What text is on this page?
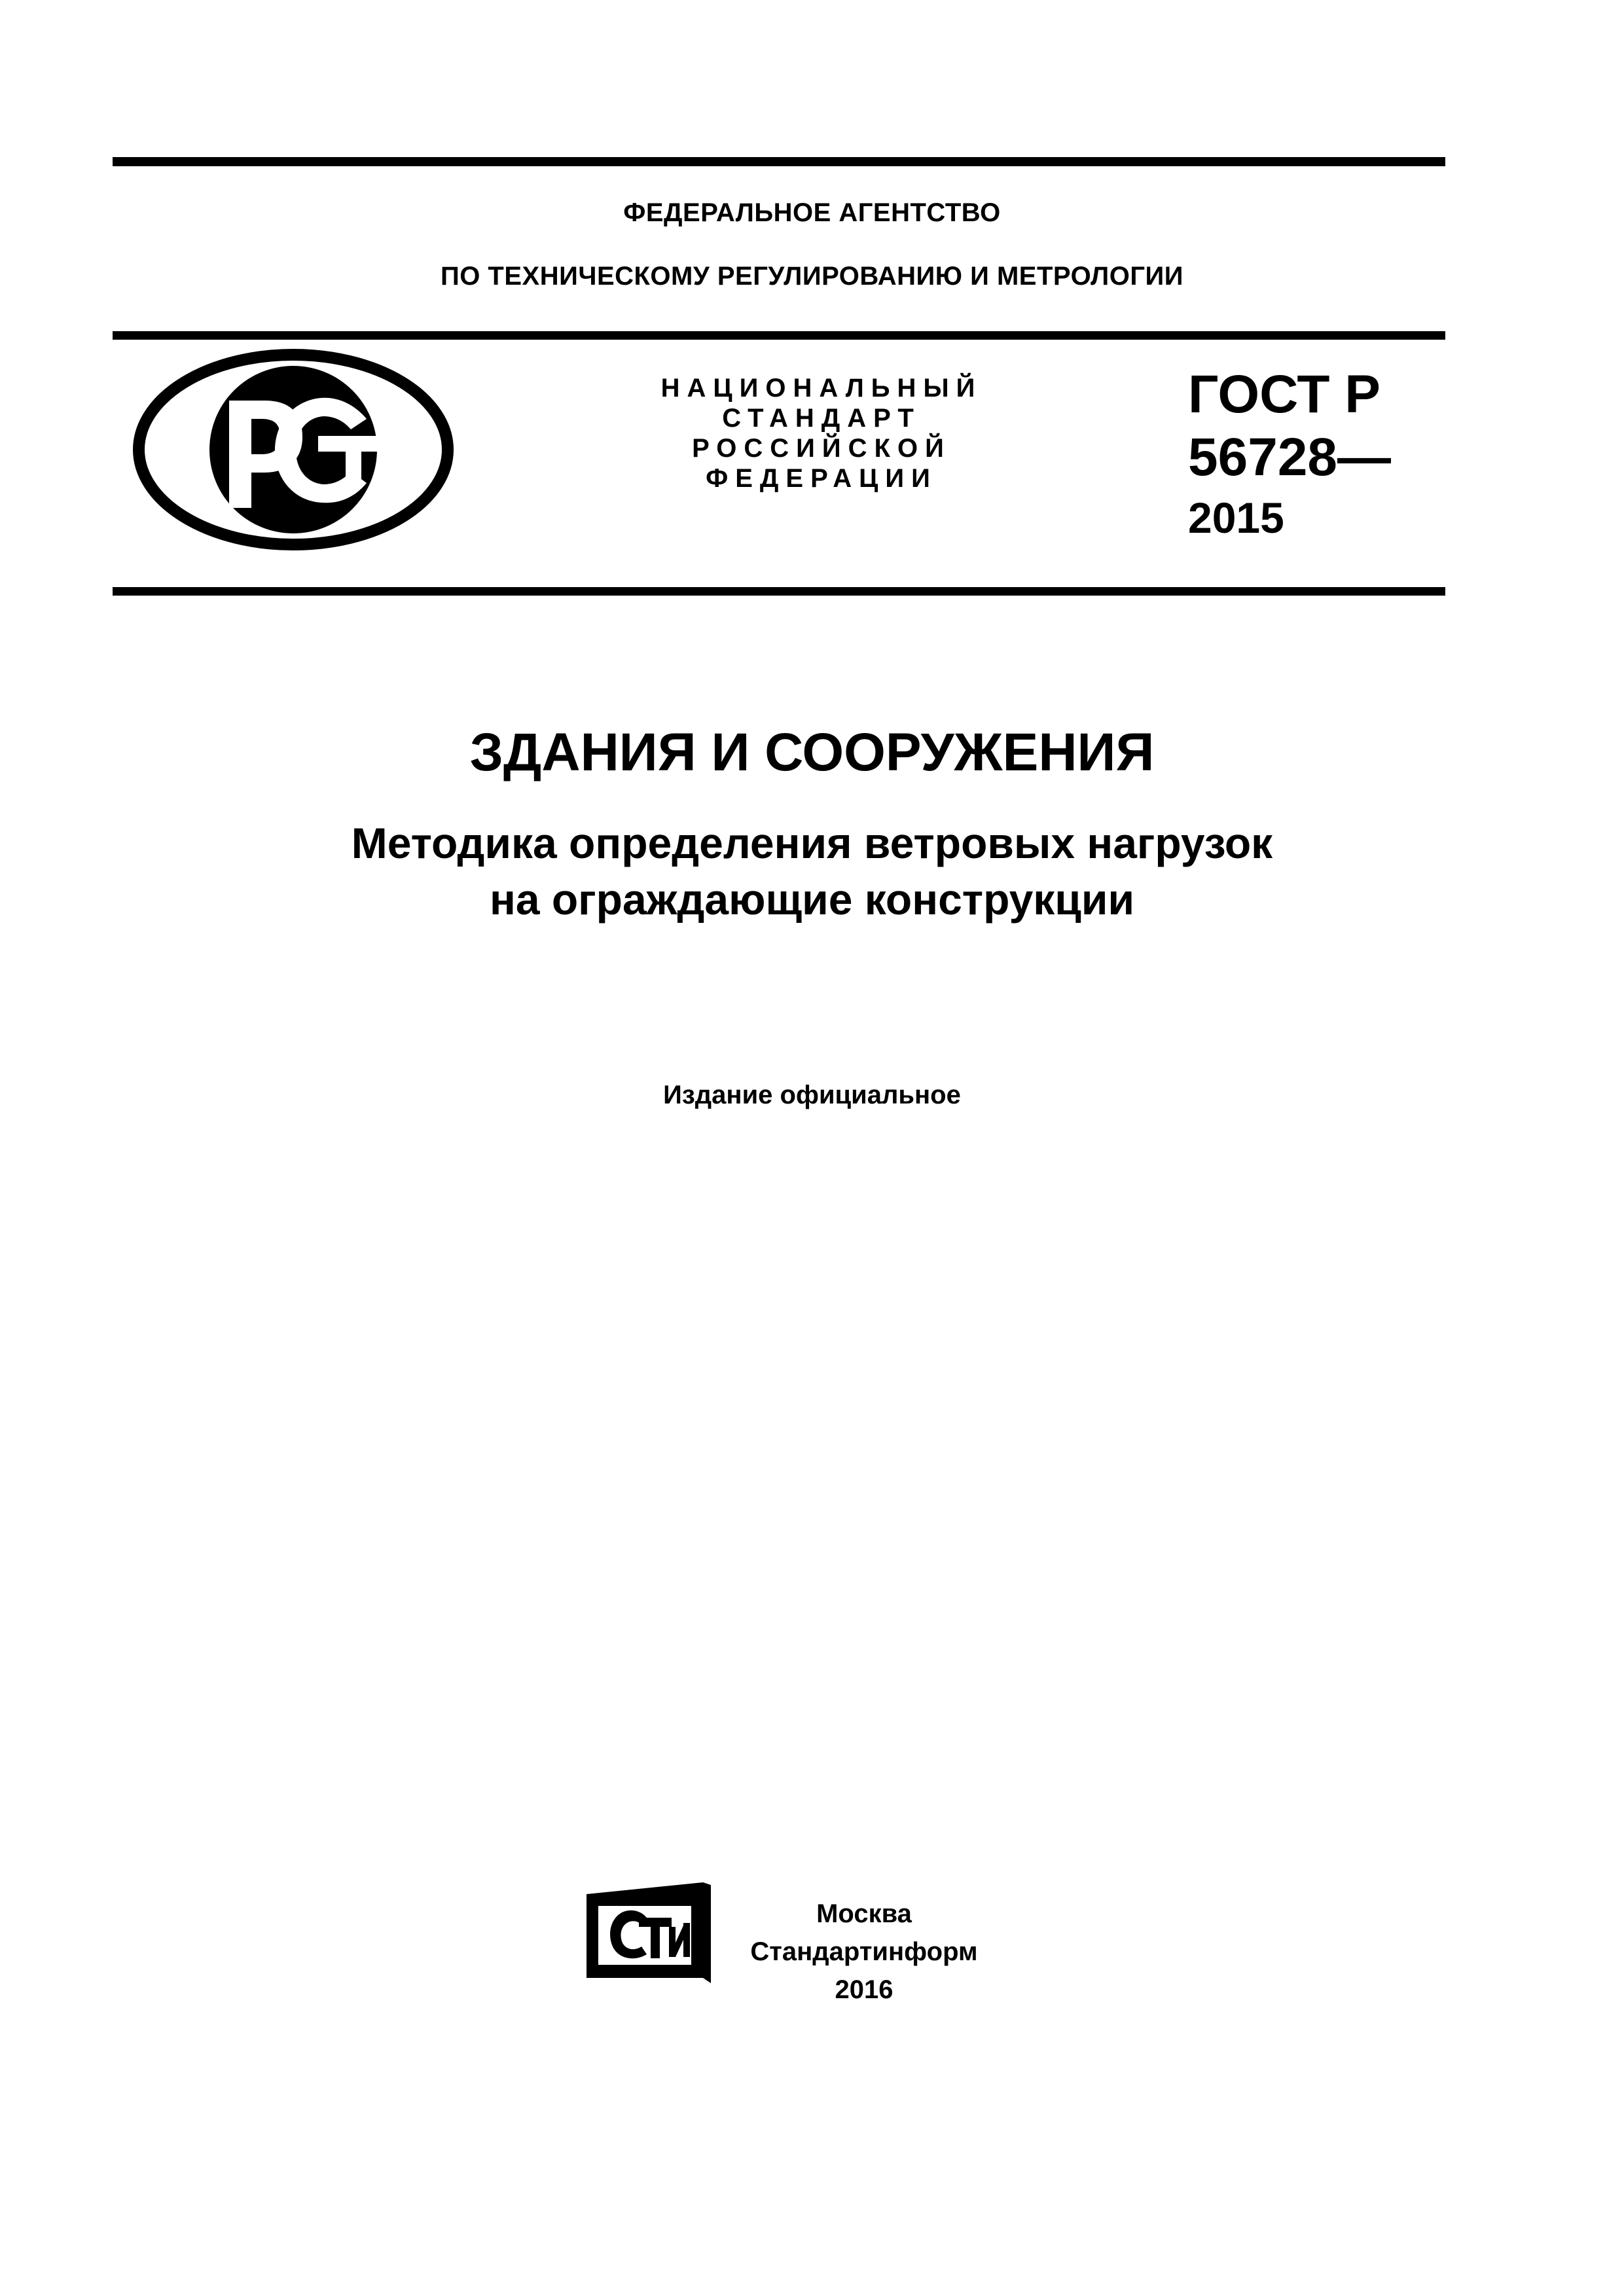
ФЕДЕРАЛЬНОЕ АГЕНТСТВО
ПО ТЕХНИЧЕСКОМУ РЕГУЛИРОВАНИЮ И МЕТРОЛОГИИ
НАЦИОНАЛЬНЫЙ
СТАНДАРТ
РОССИЙСКОЙ
ФЕДЕРАЦИИ
ГОСТ Р
56728—
2015
ЗДАНИЯ И СООРУЖЕНИЯ
Методика определения ветровых нагрузок
на ограждающие конструкции
Издание официальное
Москва
Стандартинформ
2016
